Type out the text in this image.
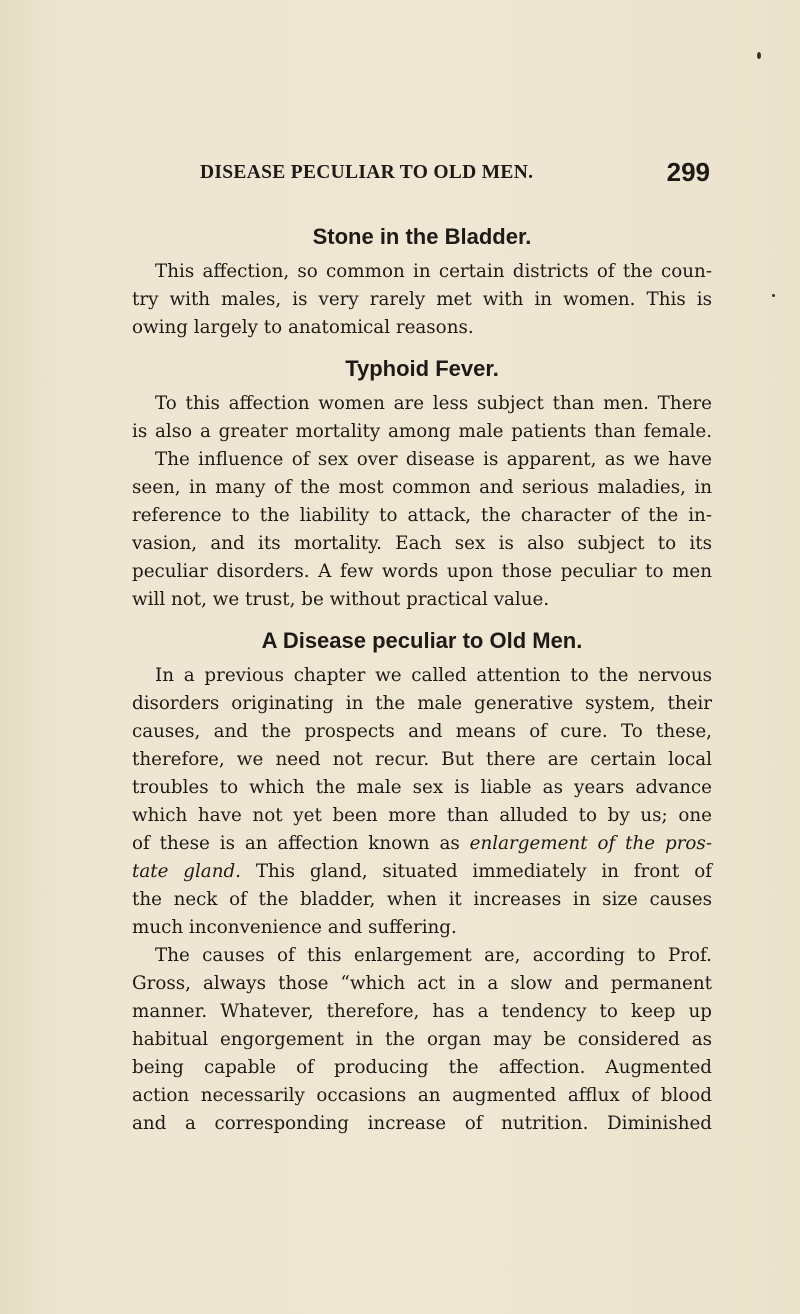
DISEASE PECULIAR TO OLD MEN.	299
Stone in the Bladder.
This affection, so common in certain districts of the coun-
try with males, is very rarely met with in women. This is
owing largely to anatomical reasons.
Typhoid Fever.
To this affection women are less subject than men. There
is also a greater mortality among male patients than female.
The influence of sex over disease is apparent, as we have
seen, in many of the most common and serious maladies, in
reference to the liability to attack, the character of the in-
vasion, and its mortality. Each sex is also subject to its
peculiar disorders. A few words upon those peculiar to men
will not, we trust, be without practical value.
A Disease peculiar to Old Men.
In a previous chapter we called attention to the nervous
disorders originating in the male generative system, their
causes, and the prospects and means of cure. To these,
therefore, we need not recur. But there are certain local
troubles to which the male sex is liable as years advance
which have not yet been more than alluded to by us; one
of these is an affection known as enlargement of the pros-
tate gland. This gland, situated immediately in front of
the neck of the bladder, when it increases in size causes
much inconvenience and suffering.
The causes of this enlargement are, according to Prof.
Gross, always those “which act in a slow and permanent
manner. Whatever, therefore, has a tendency to keep up
habitual engorgement in the organ may be considered as
being capable of producing the affection. Augmented
action necessarily occasions an augmented afflux of blood
and a corresponding increase of nutrition. Diminished
